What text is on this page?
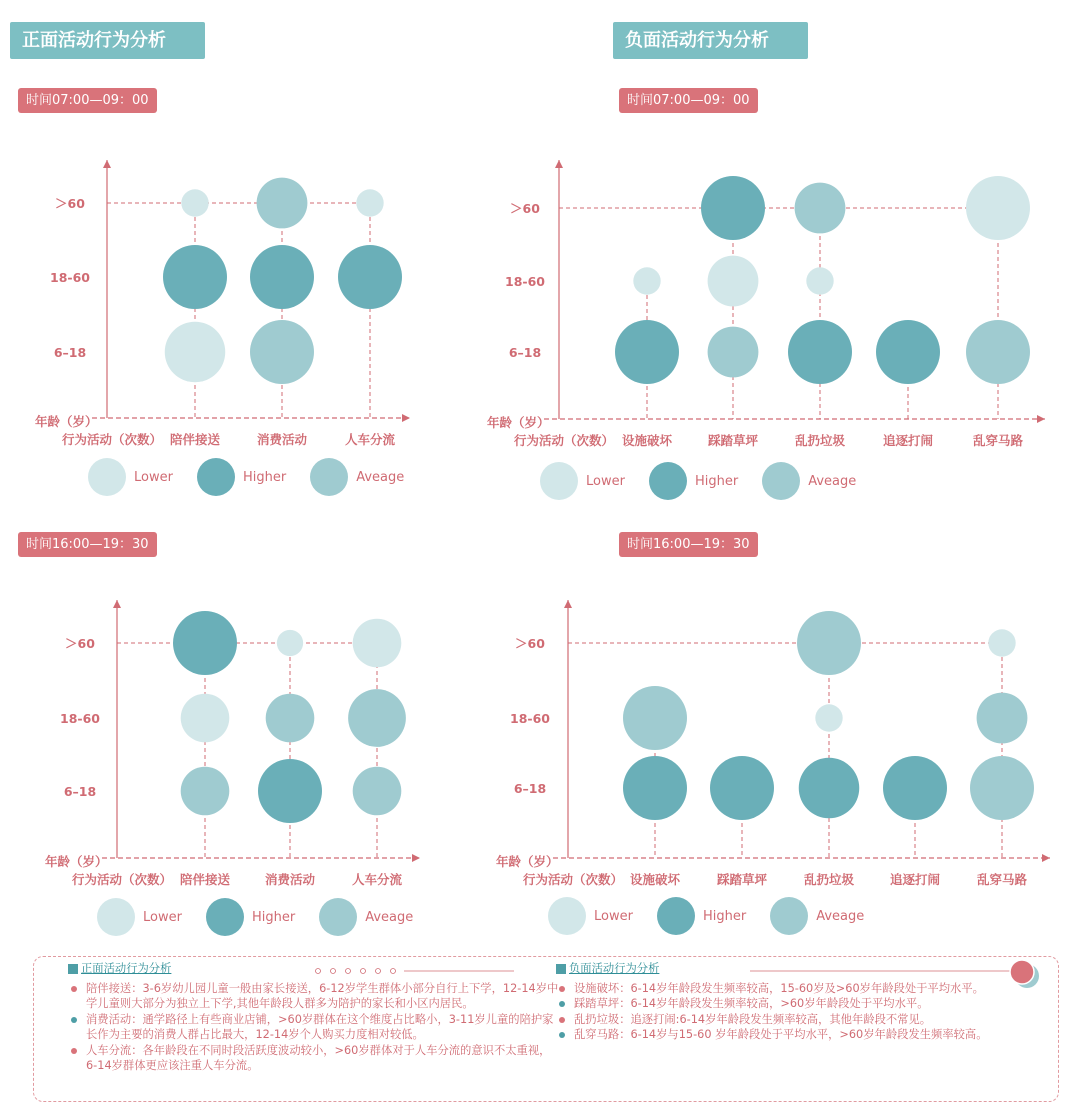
正面活动行为分析	负面活动行为分析
时间07:00—09：00	时间07:00—09：00
时间16:00—19：30	时间16:00—19：30
年龄（岁）
行为活动（次数）
6–18
18-60
＞60
陪伴接送	消费活动	人车分流
年龄（岁）
行为活动（次数）
6–18
18-60
＞60
设施破坏	踩踏草坪	乱扔垃圾	追逐打闹	乱穿马路
年龄（岁）
行为活动（次数）
6–18
18-60
＞60
陪伴接送	消费活动	人车分流
年龄（岁）
行为活动（次数）
6–18
18-60
＞60
设施破坏	踩踏草坪	乱扔垃圾	追逐打闹	乱穿马路
Lower	Higher	Aveage	Lower	Higher	Aveage
Lower	Higher	Aveage	Lower	Higher	Aveage
正面活动行为分析
陪伴接送：3-6岁幼儿园儿童一般由家长接送，6-12岁学生群体小部分自行上下学，12-14岁中学儿童则大部分为独立上下学,其他年龄段人群多为陪护的家长和小区内居民。
消费活动：通学路径上有些商业店铺，>60岁群体在这个维度占比略小，3-11岁儿童的陪护家长作为主要的消费人群占比最大，12-14岁个人购买力度相对较低。
人车分流：各年龄段在不同时段活跃度波动较小，>60岁群体对于人车分流的意识不太重视，6-14岁群体更应该注重人车分流。
负面活动行为分析
设施破坏：6-14岁年龄段发生频率较高，15-60岁及>60岁年龄段处于平均水平。
踩踏草坪：6-14岁年龄段发生频率较高，>60岁年龄段处于平均水平。
乱扔垃圾：追逐打闹:6-14岁年龄段发生频率较高，其他年龄段不常见。
乱穿马路：6-14岁与15-60 岁年龄段处于平均水平，>60岁年龄段发生频率较高。
